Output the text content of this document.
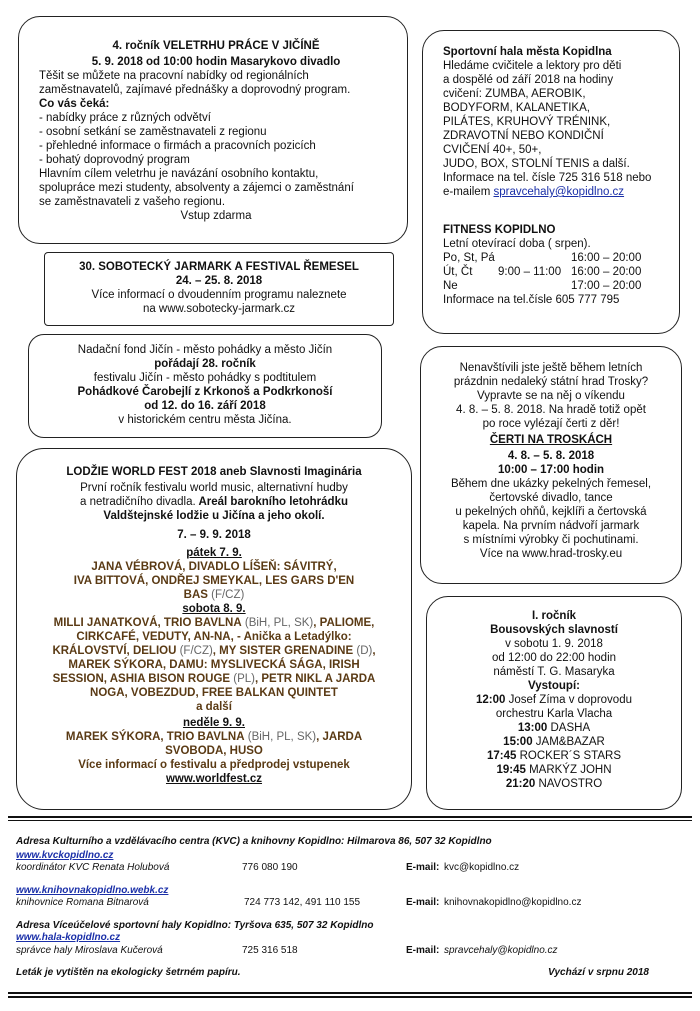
4. ročník VELETRHU PRÁCE V JIČÍNĚ
5. 9. 2018 od 10:00 hodin Masarykovo divadlo
Těšit se můžete na pracovní nabídky od regionálních
zaměstnavatelů, zajímavé přednášky a doprovodný program.
Co vás čeká:
- nabídky práce z různých odvětví
- osobní setkání se zaměstnavateli z regionu
- přehledné informace o firmách a pracovních pozicích
- bohatý doprovodný program
Hlavním cílem veletrhu je navázání osobního kontaktu,
spolupráce mezi studenty, absolventy a zájemci o zaměstnání
se zaměstnavateli z vašeho regionu.
Vstup zdarma
Sportovní hala města Kopidlna
Hledáme cvičitele a lektory pro děti
a dospělé od září 2018 na hodiny
cvičení: ZUMBA, AEROBIK,
BODYFORM, KALANETIKA,
PILÁTES, KRUHOVÝ TRÉNINK,
ZDRAVOTNÍ NEBO KONDIČNÍ
CVIČENÍ 40+, 50+,
JUDO, BOX, STOLNÍ TENIS a další.
Informace na tel. čísle 725 316 518 nebo
e-mailem spravcehaly@kopidlno.cz
FITNESS KOPIDLNO
Letní otevírací doba ( srpen).
Po, St, Pá	16:00 – 20:00
Út, Čt	9:00 – 11:00 16:00 – 20:00
Ne	17:00 – 20:00
Informace na tel.čísle 605 777 795
30. SOBOTECKÝ JARMARK A FESTIVAL ŘEMESEL
24. – 25. 8. 2018
Více informací o dvoudenním programu naleznete
na www.sobotecky-jarmark.cz
Nadační fond Jičín - město pohádky a město Jičín
pořádají 28. ročník
festivalu Jičín - město pohádky s podtitulem
Pohádkové Čarobejlí z Krkonoš a Podkrkonoší
od 12. do 16. září 2018
v historickém centru města Jičína.
Nenavštívili jste ještě během letních
prázdnin nedaleký státní hrad Trosky?
Vypravte se na něj o víkendu
4. 8. – 5. 8. 2018. Na hradě totiž opět
po roce vylézají čerti z děr!
ČERTI NA TROSKÁCH
4. 8. – 5. 8. 2018
10:00 – 17:00 hodin
Během dne ukázky pekelných řemesel,
čertovské divadlo, tance
u pekelných ohňů, kejklíři a čertovská
kapela. Na prvním nádvoří jarmark
s místními výrobky či pochutinami.
Více na www.hrad-trosky.eu
LODŽIE WORLD FEST 2018 aneb Slavnosti Imaginária
První ročník festivalu world music, alternativní hudby
a netradičního divadla. Areál barokního letohrádku
Valdštejnské lodžie u Jičína a jeho okolí.
7. – 9. 9. 2018
pátek 7. 9.
JANA VÉBROVÁ, DIVADLO LÍŠEŇ: SÁVITRÝ,
IVA BITTOVÁ, ONDŘEJ SMEYKAL, LES GARS D'EN
BAS (F/CZ)
sobota 8. 9.
MILLI JANATKOVÁ, TRIO BAVLNA (BiH, PL, SK), PALIOME,
CIRKCAFÉ, VEDUTY, AN-NA, - Anička a Letadýlko:
KRÁLOVSTVÍ, DELIOU (F/CZ), MY SISTER GRENADINE (D),
MAREK SÝKORA, DAMU: MYSLIVECKÁ SÁGA, IRISH
SESSION, ASHIA BISON ROUGE (PL), PETR NIKL A JARDA
NOGA, VOBEZDUD, FREE BALKAN QUINTET
a další
neděle 9. 9.
MAREK SÝKORA, TRIO BAVLNA (BiH, PL, SK), JARDA
SVOBODA, HUSO
Více informací o festivalu a předprodej vstupenek
www.worldfest.cz
I. ročník
Bousovských slavností
v sobotu 1. 9. 2018
od 12:00 do 22:00 hodin
náměstí T. G. Masaryka
Vystoupí:
12:00 Josef Zíma v doprovodu
orchestru Karla Vlacha
13:00 DASHA
15:00 JAM&BAZAR
17:45 ROCKER´S STARS
19:45 MARKÝZ JOHN
21:20 NAVOSTRO
Adresa Kulturního a vzdělávacího centra (KVC) a knihovny Kopidlno: Hilmarova 86, 507 32 Kopidlno
www.kvckopidlno.cz
koordinátor KVC Renata Holubová	776 080 190	E-mail: kvc@kopidlno.cz
www.knihovnakopidlno.webk.cz
knihovnice Romana Bitnarová	724 773 142, 491 110 155	E-mail: knihovnakopidlno@kopidlno.cz
Adresa Víceúčelové sportovní haly Kopidlno: Tyršova 635, 507 32 Kopidlno
www.hala-kopidlno.cz
správce haly Miroslava Kučerová	725 316 518	E-mail: spravcehaly@kopidlno.cz
Leták je vytištěn na ekologicky šetrném papíru.	Vychází v srpnu 2018
